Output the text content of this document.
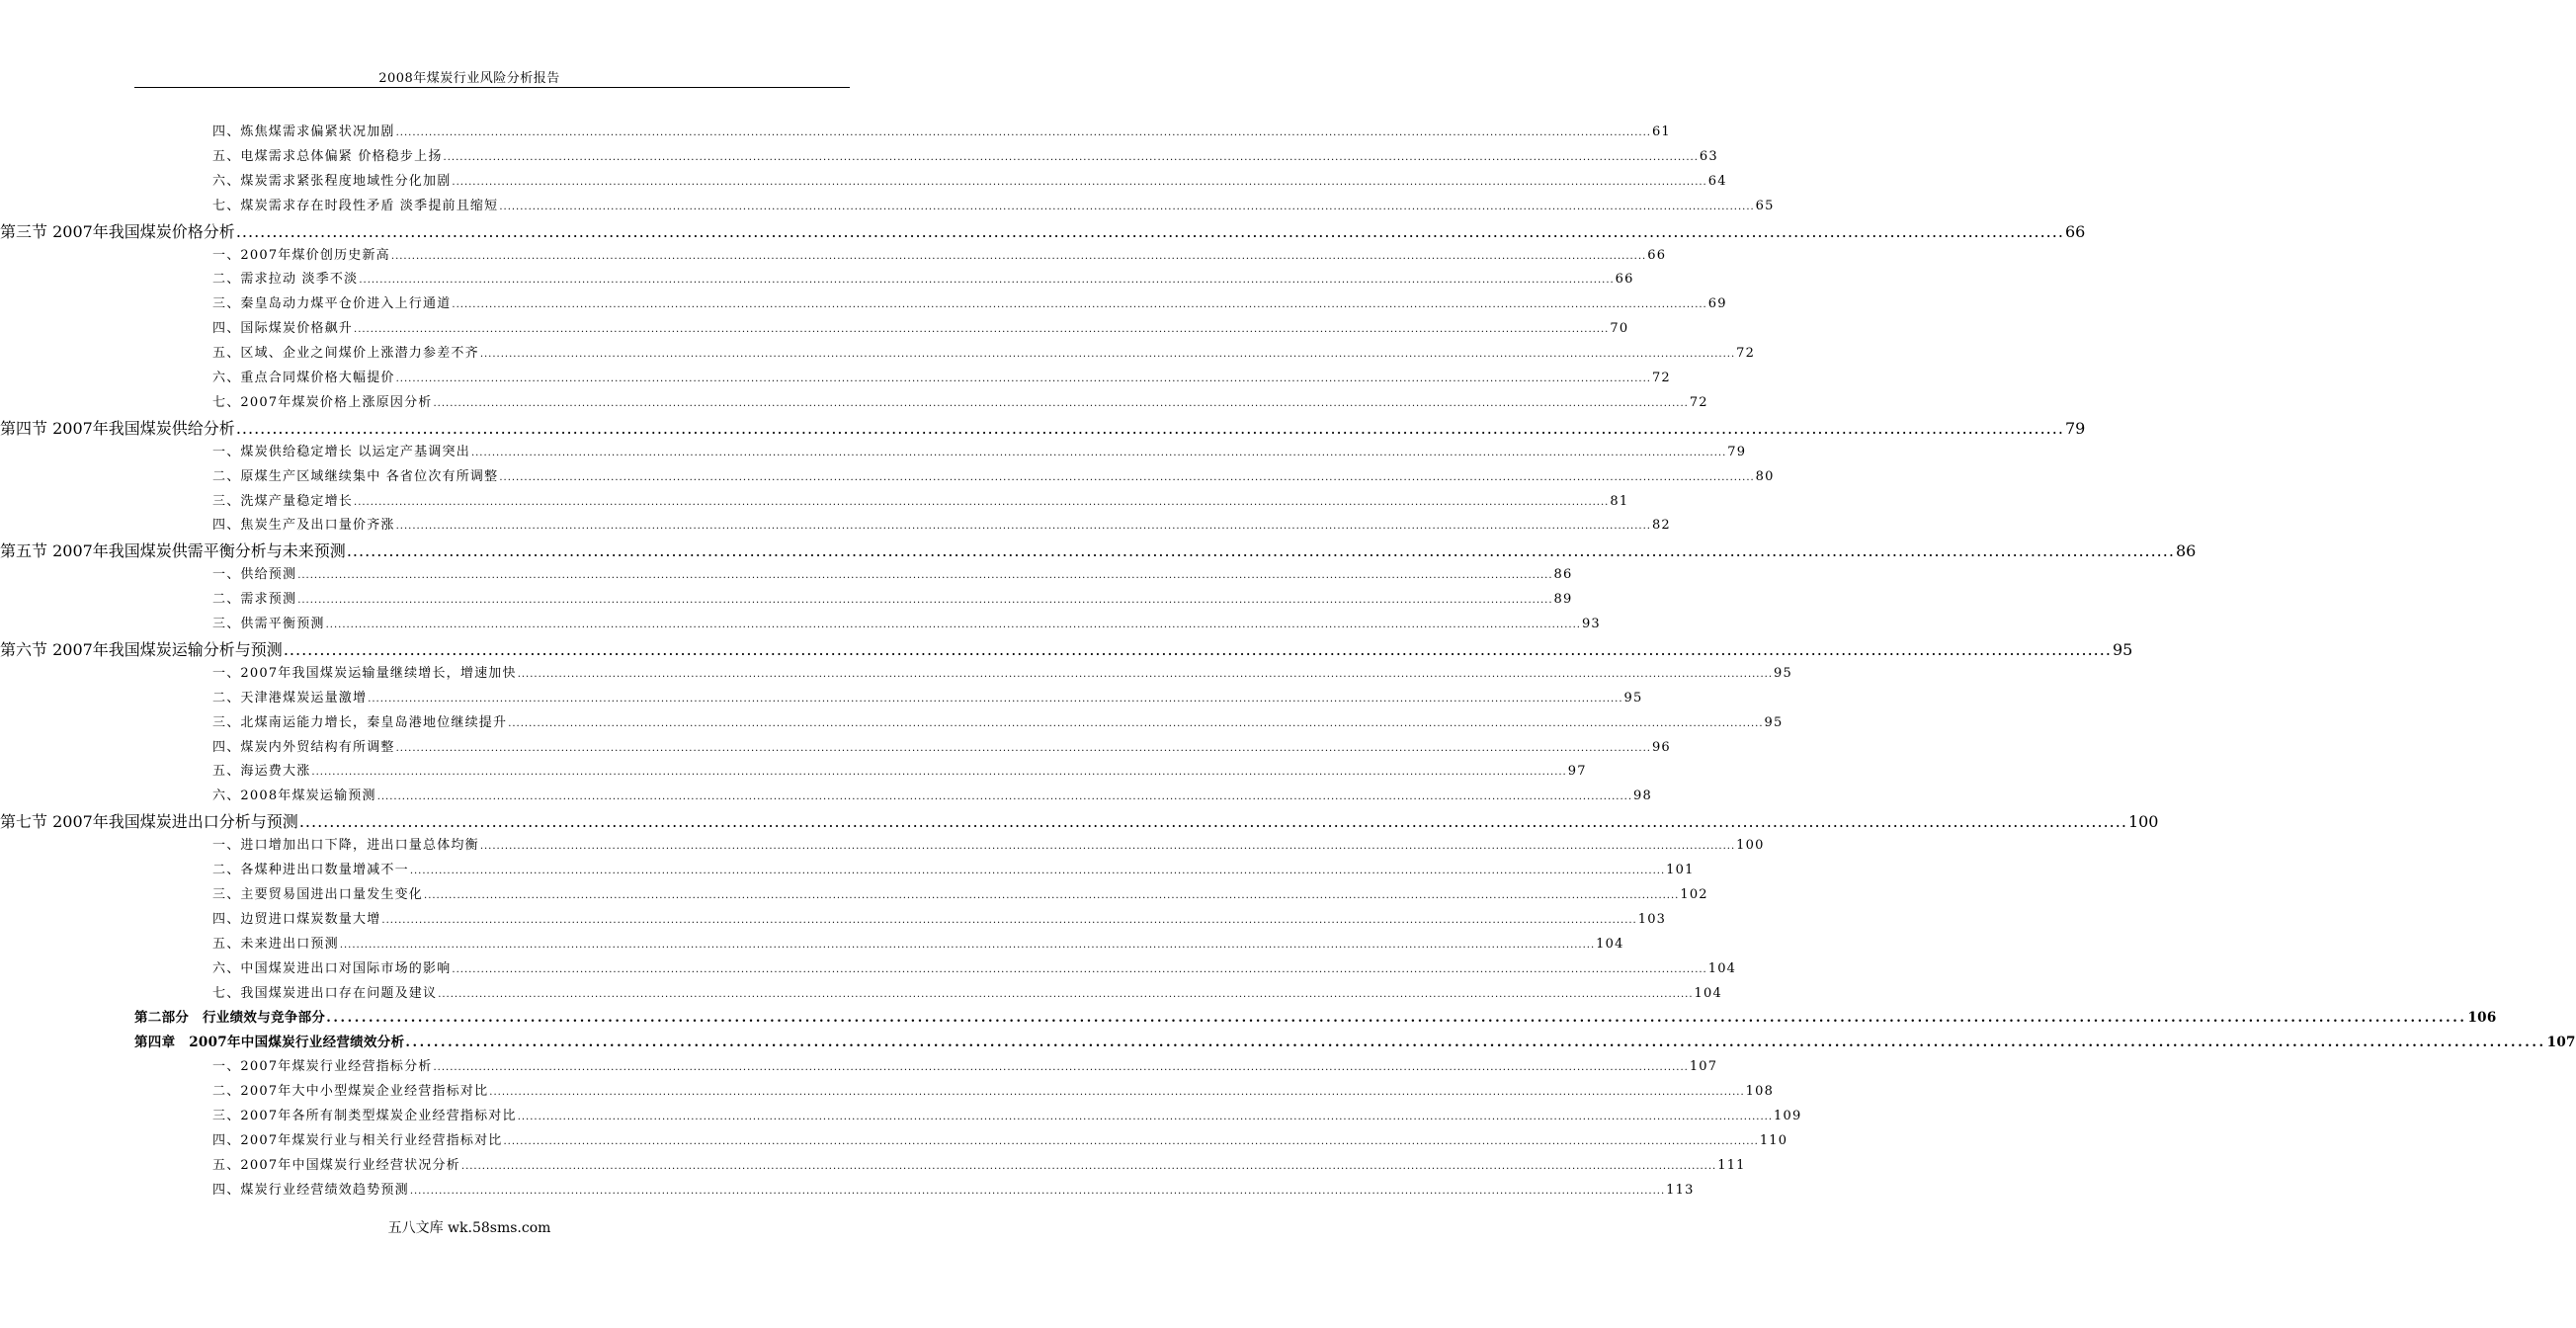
2008年煤炭行业风险分析报告
四、炼焦煤需求偏紧状况加剧 .....	61
五、电煤需求总体偏紧 价格稳步上扬 .....	63
六、煤炭需求紧张程度地域性分化加剧 .....	64
七、煤炭需求存在时段性矛盾 淡季提前且缩短 .....	65
第三节 2007年我国煤炭价格分析 .....	66
一、2007年煤价创历史新高 .....	66
二、需求拉动 淡季不淡 .....	66
三、秦皇岛动力煤平仓价进入上行通道 .....	69
四、国际煤炭价格飙升 .....	70
五、区域、企业之间煤价上涨潜力参差不齐 .....	72
六、重点合同煤价格大幅提价 .....	72
七、2007年煤炭价格上涨原因分析 .....	72
第四节 2007年我国煤炭供给分析 .....	79
一、煤炭供给稳定增长 以运定产基调突出 .....	79
二、原煤生产区域继续集中 各省位次有所调整 .....	80
三、洗煤产量稳定增长 .....	81
四、焦炭生产及出口量价齐涨 .....	82
第五节 2007年我国煤炭供需平衡分析与未来预测 .....	86
一、供给预测 .....	86
二、需求预测 .....	89
三、供需平衡预测 .....	93
第六节 2007年我国煤炭运输分析与预测 .....	95
一、2007年我国煤炭运输量继续增长，增速加快 .....	95
二、天津港煤炭运量激增 .....	95
三、北煤南运能力增长，秦皇岛港地位继续提升 .....	95
四、煤炭内外贸结构有所调整 .....	96
五、海运费大涨 .....	97
六、2008年煤炭运输预测 .....	98
第七节 2007年我国煤炭进出口分析与预测 .....	100
一、进口增加出口下降，进出口量总体均衡 .....	100
二、各煤种进出口数量增减不一 .....	101
三、主要贸易国进出口量发生变化 .....	102
四、边贸进口煤炭数量大增 .....	103
五、未来进出口预测 .....	104
六、中国煤炭进出口对国际市场的影响 .....	104
七、我国煤炭进出口存在问题及建议 .....	104
第二部分　行业绩效与竞争部分 .....	106
第四章　2007年中国煤炭行业经营绩效分析 .....	107
一、2007年煤炭行业经营指标分析 .....	107
二、2007年大中小型煤炭企业经营指标对比 .....	108
三、2007年各所有制类型煤炭企业经营指标对比 .....	109
四、2007年煤炭行业与相关行业经营指标对比 .....	110
五、2007年中国煤炭行业经营状况分析 .....	111
四、煤炭行业经营绩效趋势预测 .....	113
五八文库 wk.58sms.com
